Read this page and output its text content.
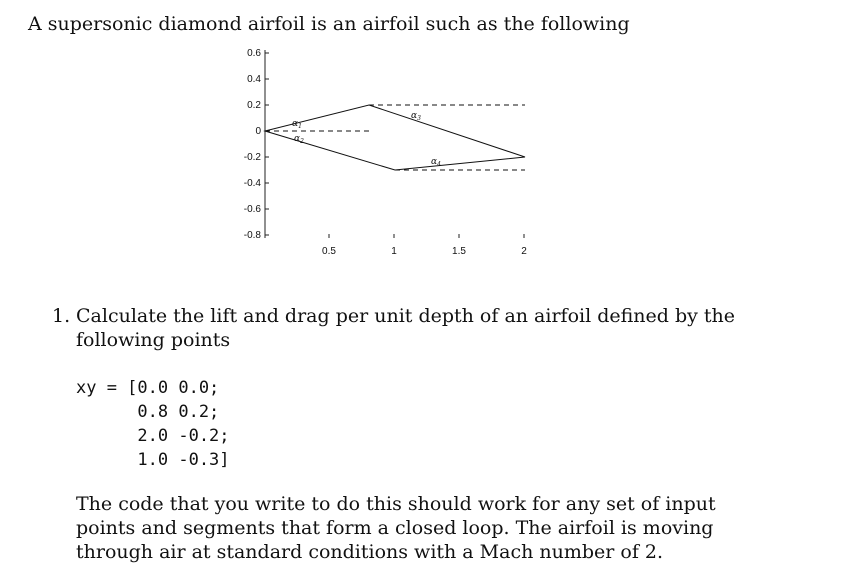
A supersonic diamond airfoil is an airfoil such as the following
0.6
0.4
0.2
0
-0.2
-0.4
-0.6
-0.8
0.5	1	1.5	2
$\alpha_1$
$\alpha_2$
$\alpha_3$
$\alpha_4$
1. Calculate the lift and drag per unit depth of an airfoil defined by the following points
xy = [0.0 0.0;
0.8 0.2;
2.0 -0.2;
1.0 -0.3]
The code that you write to do this should work for any set of input points and segments that form a closed loop. The airfoil is moving through air at standard conditions with a Mach number of 2.
